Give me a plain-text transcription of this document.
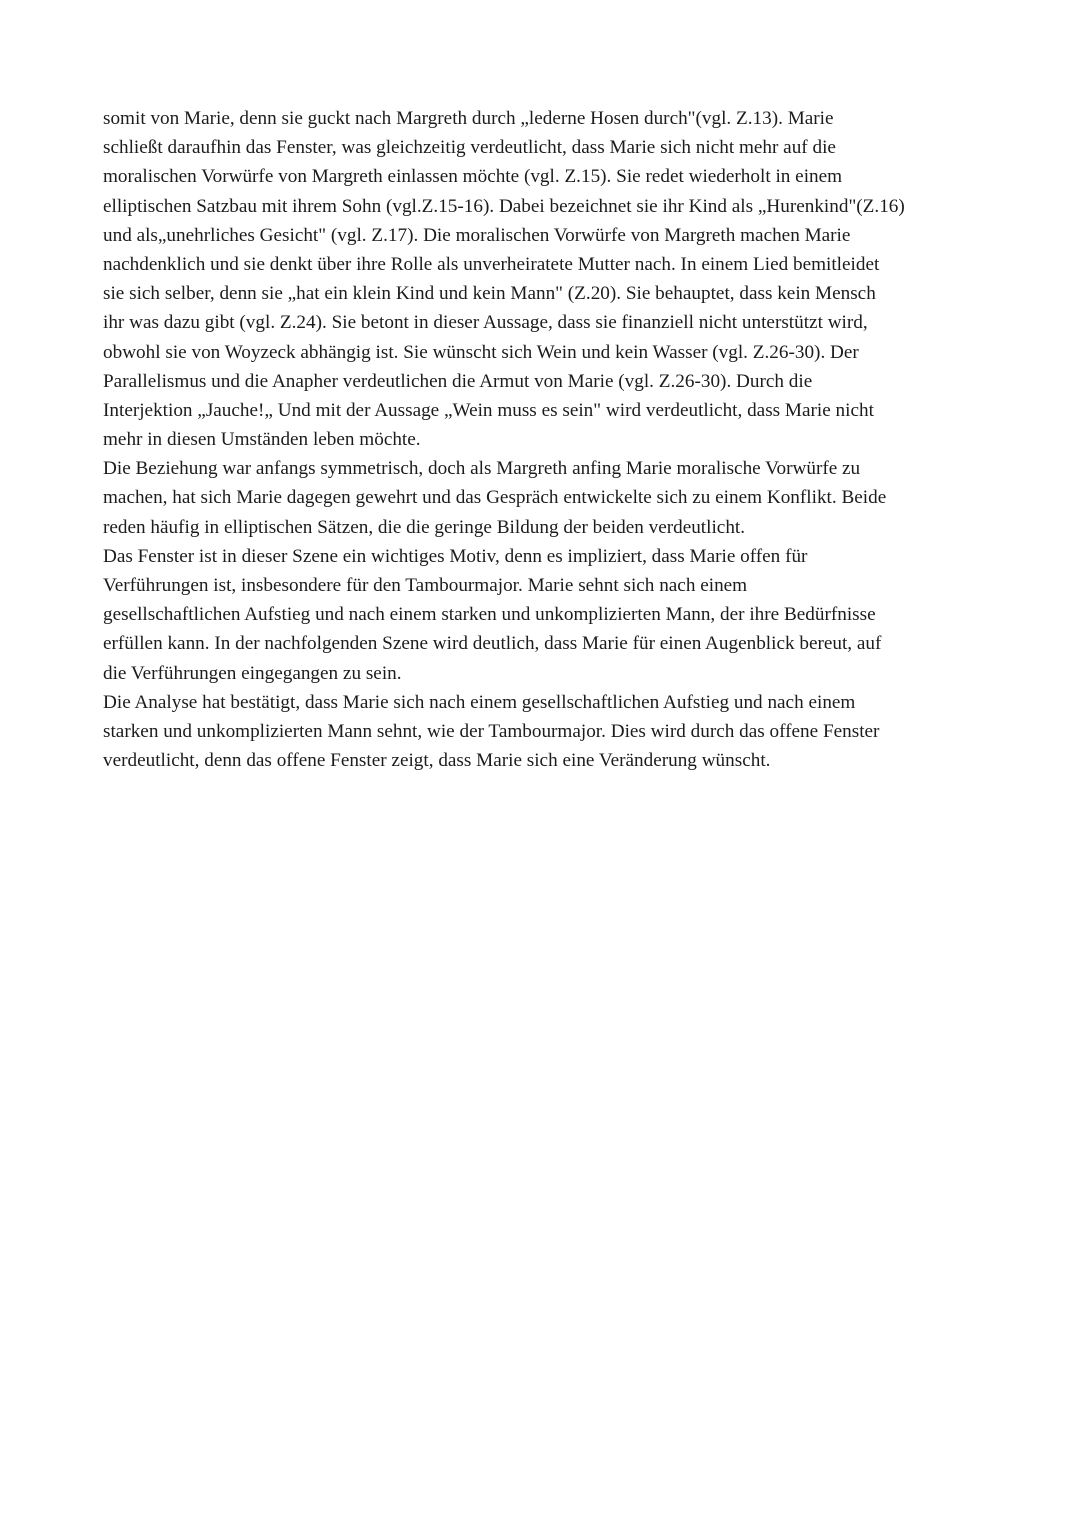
somit von Marie, denn sie guckt nach Margreth durch „lederne Hosen durch"(vgl. Z.13). Marie
schließt daraufhin das Fenster, was gleichzeitig verdeutlicht, dass Marie sich nicht mehr auf die
moralischen Vorwürfe von Margreth einlassen möchte (vgl. Z.15). Sie redet wiederholt in einem
elliptischen Satzbau mit ihrem Sohn (vgl.Z.15-16). Dabei bezeichnet sie ihr Kind als „Hurenkind"(Z.16)
und als„unehrliches Gesicht" (vgl. Z.17). Die moralischen Vorwürfe von Margreth machen Marie
nachdenklich und sie denkt über ihre Rolle als unverheiratete Mutter nach. In einem Lied bemitleidet
sie sich selber, denn sie „hat ein klein Kind und kein Mann" (Z.20). Sie behauptet, dass kein Mensch
ihr was dazu gibt (vgl. Z.24). Sie betont in dieser Aussage, dass sie finanziell nicht unterstützt wird,
obwohl sie von Woyzeck abhängig ist. Sie wünscht sich Wein und kein Wasser (vgl. Z.26-30). Der
Parallelismus und die Anapher verdeutlichen die Armut von Marie (vgl. Z.26-30). Durch die
Interjektion „Jauche!„ Und mit der Aussage „Wein muss es sein" wird verdeutlicht, dass Marie nicht
mehr in diesen Umständen leben möchte.
Die Beziehung war anfangs symmetrisch, doch als Margreth anfing Marie moralische Vorwürfe zu
machen, hat sich Marie dagegen gewehrt und das Gespräch entwickelte sich zu einem Konflikt. Beide
reden häufig in elliptischen Sätzen, die die geringe Bildung der beiden verdeutlicht.
Das Fenster ist in dieser Szene ein wichtiges Motiv, denn es impliziert, dass Marie offen für
Verführungen ist, insbesondere für den Tambourmajor. Marie sehnt sich nach einem
gesellschaftlichen Aufstieg und nach einem starken und unkomplizierten Mann, der ihre Bedürfnisse
erfüllen kann. In der nachfolgenden Szene wird deutlich, dass Marie für einen Augenblick bereut, auf
die Verführungen eingegangen zu sein.
Die Analyse hat bestätigt, dass Marie sich nach einem gesellschaftlichen Aufstieg und nach einem
starken und unkomplizierten Mann sehnt, wie der Tambourmajor. Dies wird durch das offene Fenster
verdeutlicht, denn das offene Fenster zeigt, dass Marie sich eine Veränderung wünscht.
